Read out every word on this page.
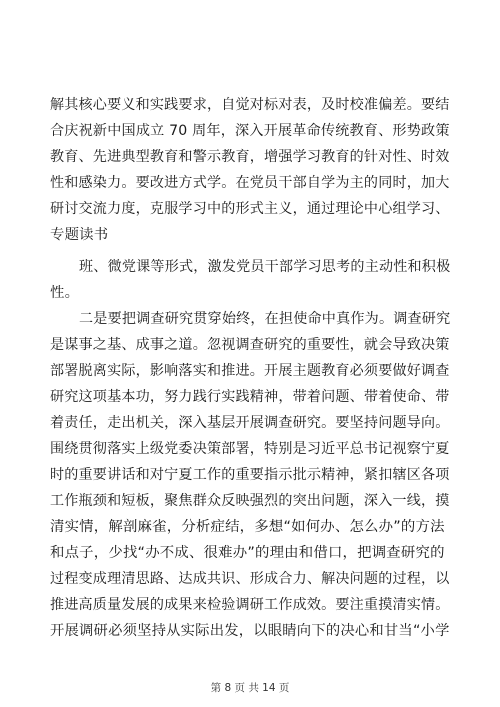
解其核心要义和实践要求，自觉对标对表，及时校准偏差。要结
合庆祝新中国成立 70 周年，深入开展革命传统教育、形势政策
教育、先进典型教育和警示教育，增强学习教育的针对性、时效
性和感染力。要改进方式学。在党员干部自学为主的同时，加大
研讨交流力度，克服学习中的形式主义，通过理论中心组学习、
专题读书
班、微党课等形式，激发党员干部学习思考的主动性和积极
性。
二是要把调查研究贯穿始终，在担使命中真作为。调查研究
是谋事之基、成事之道。忽视调查研究的重要性，就会导致决策
部署脱离实际，影响落实和推进。开展主题教育必须要做好调查
研究这项基本功，努力践行实践精神，带着问题、带着使命、带
着责任，走出机关，深入基层开展调查研究。要坚持问题导向。
围绕贯彻落实上级党委决策部署，特别是习近平总书记视察宁夏
时的重要讲话和对宁夏工作的重要指示批示精神，紧扣辖区各项
工作瓶颈和短板，聚焦群众反映强烈的突出问题，深入一线，摸
清实情，解剖麻雀，分析症结，多想“如何办、怎么办”的方法
和点子，少找“办不成、很难办”的理由和借口，把调查研究的
过程变成理清思路、达成共识、形成合力、解决问题的过程，以
推进高质量发展的成果来检验调研工作成效。要注重摸清实情。
开展调研必须坚持从实际出发，以眼睛向下的决心和甘当“小学
第 8 页 共 14 页
